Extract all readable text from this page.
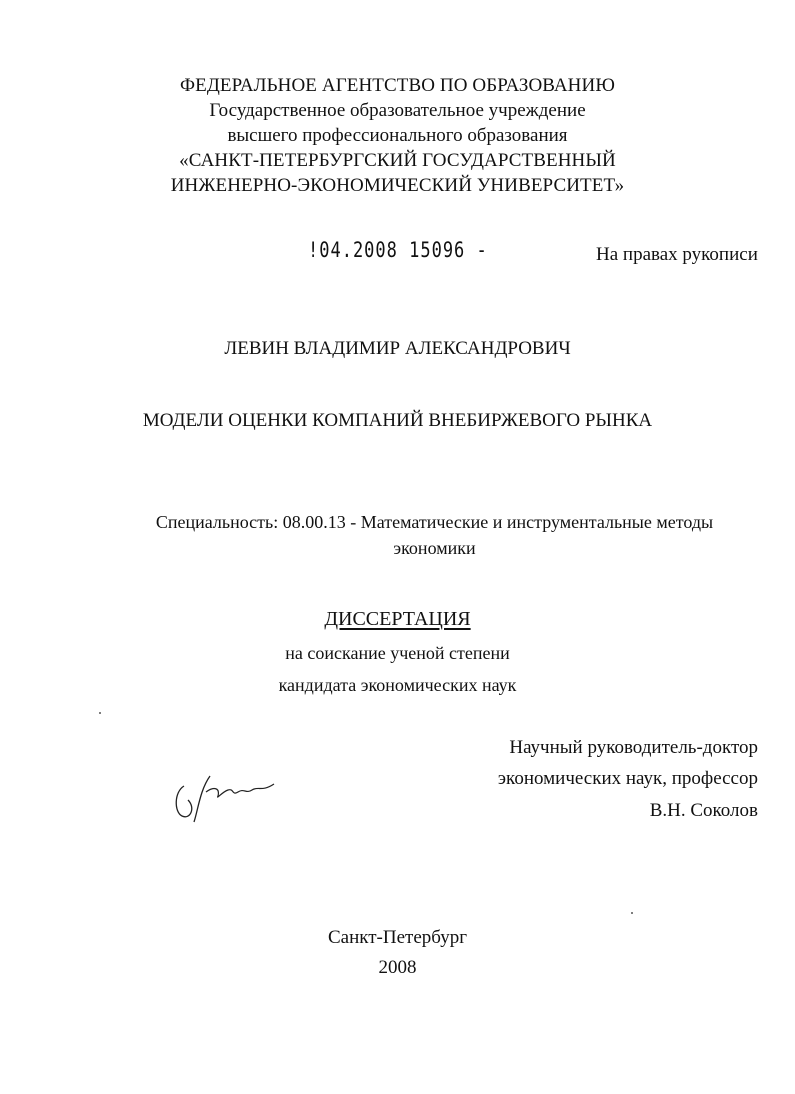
ФЕДЕРАЛЬНОЕ АГЕНТСТВО ПО ОБРАЗОВАНИЮ
Государственное образовательное учреждение
высшего профессионального образования
«САНКТ-ПЕТЕРБУРГСКИЙ ГОСУДАРСТВЕННЫЙ
ИНЖЕНЕРНО-ЭКОНОМИЧЕСКИЙ УНИВЕРСИТЕТ»
!04.2008 15096 -	На правах рукописи
ЛЕВИН ВЛАДИМИР АЛЕКСАНДРОВИЧ
МОДЕЛИ ОЦЕНКИ КОМПАНИЙ ВНЕБИРЖЕВОГО РЫНКА
Специальность: 08.00.13 - Математические и инструментальные методы
экономики
ДИССЕРТАЦИЯ
на соискание ученой степени
кандидата экономических наук
Научный руководитель-доктор
экономических наук, профессор
В.Н. Соколов
Санкт-Петербург
2008
